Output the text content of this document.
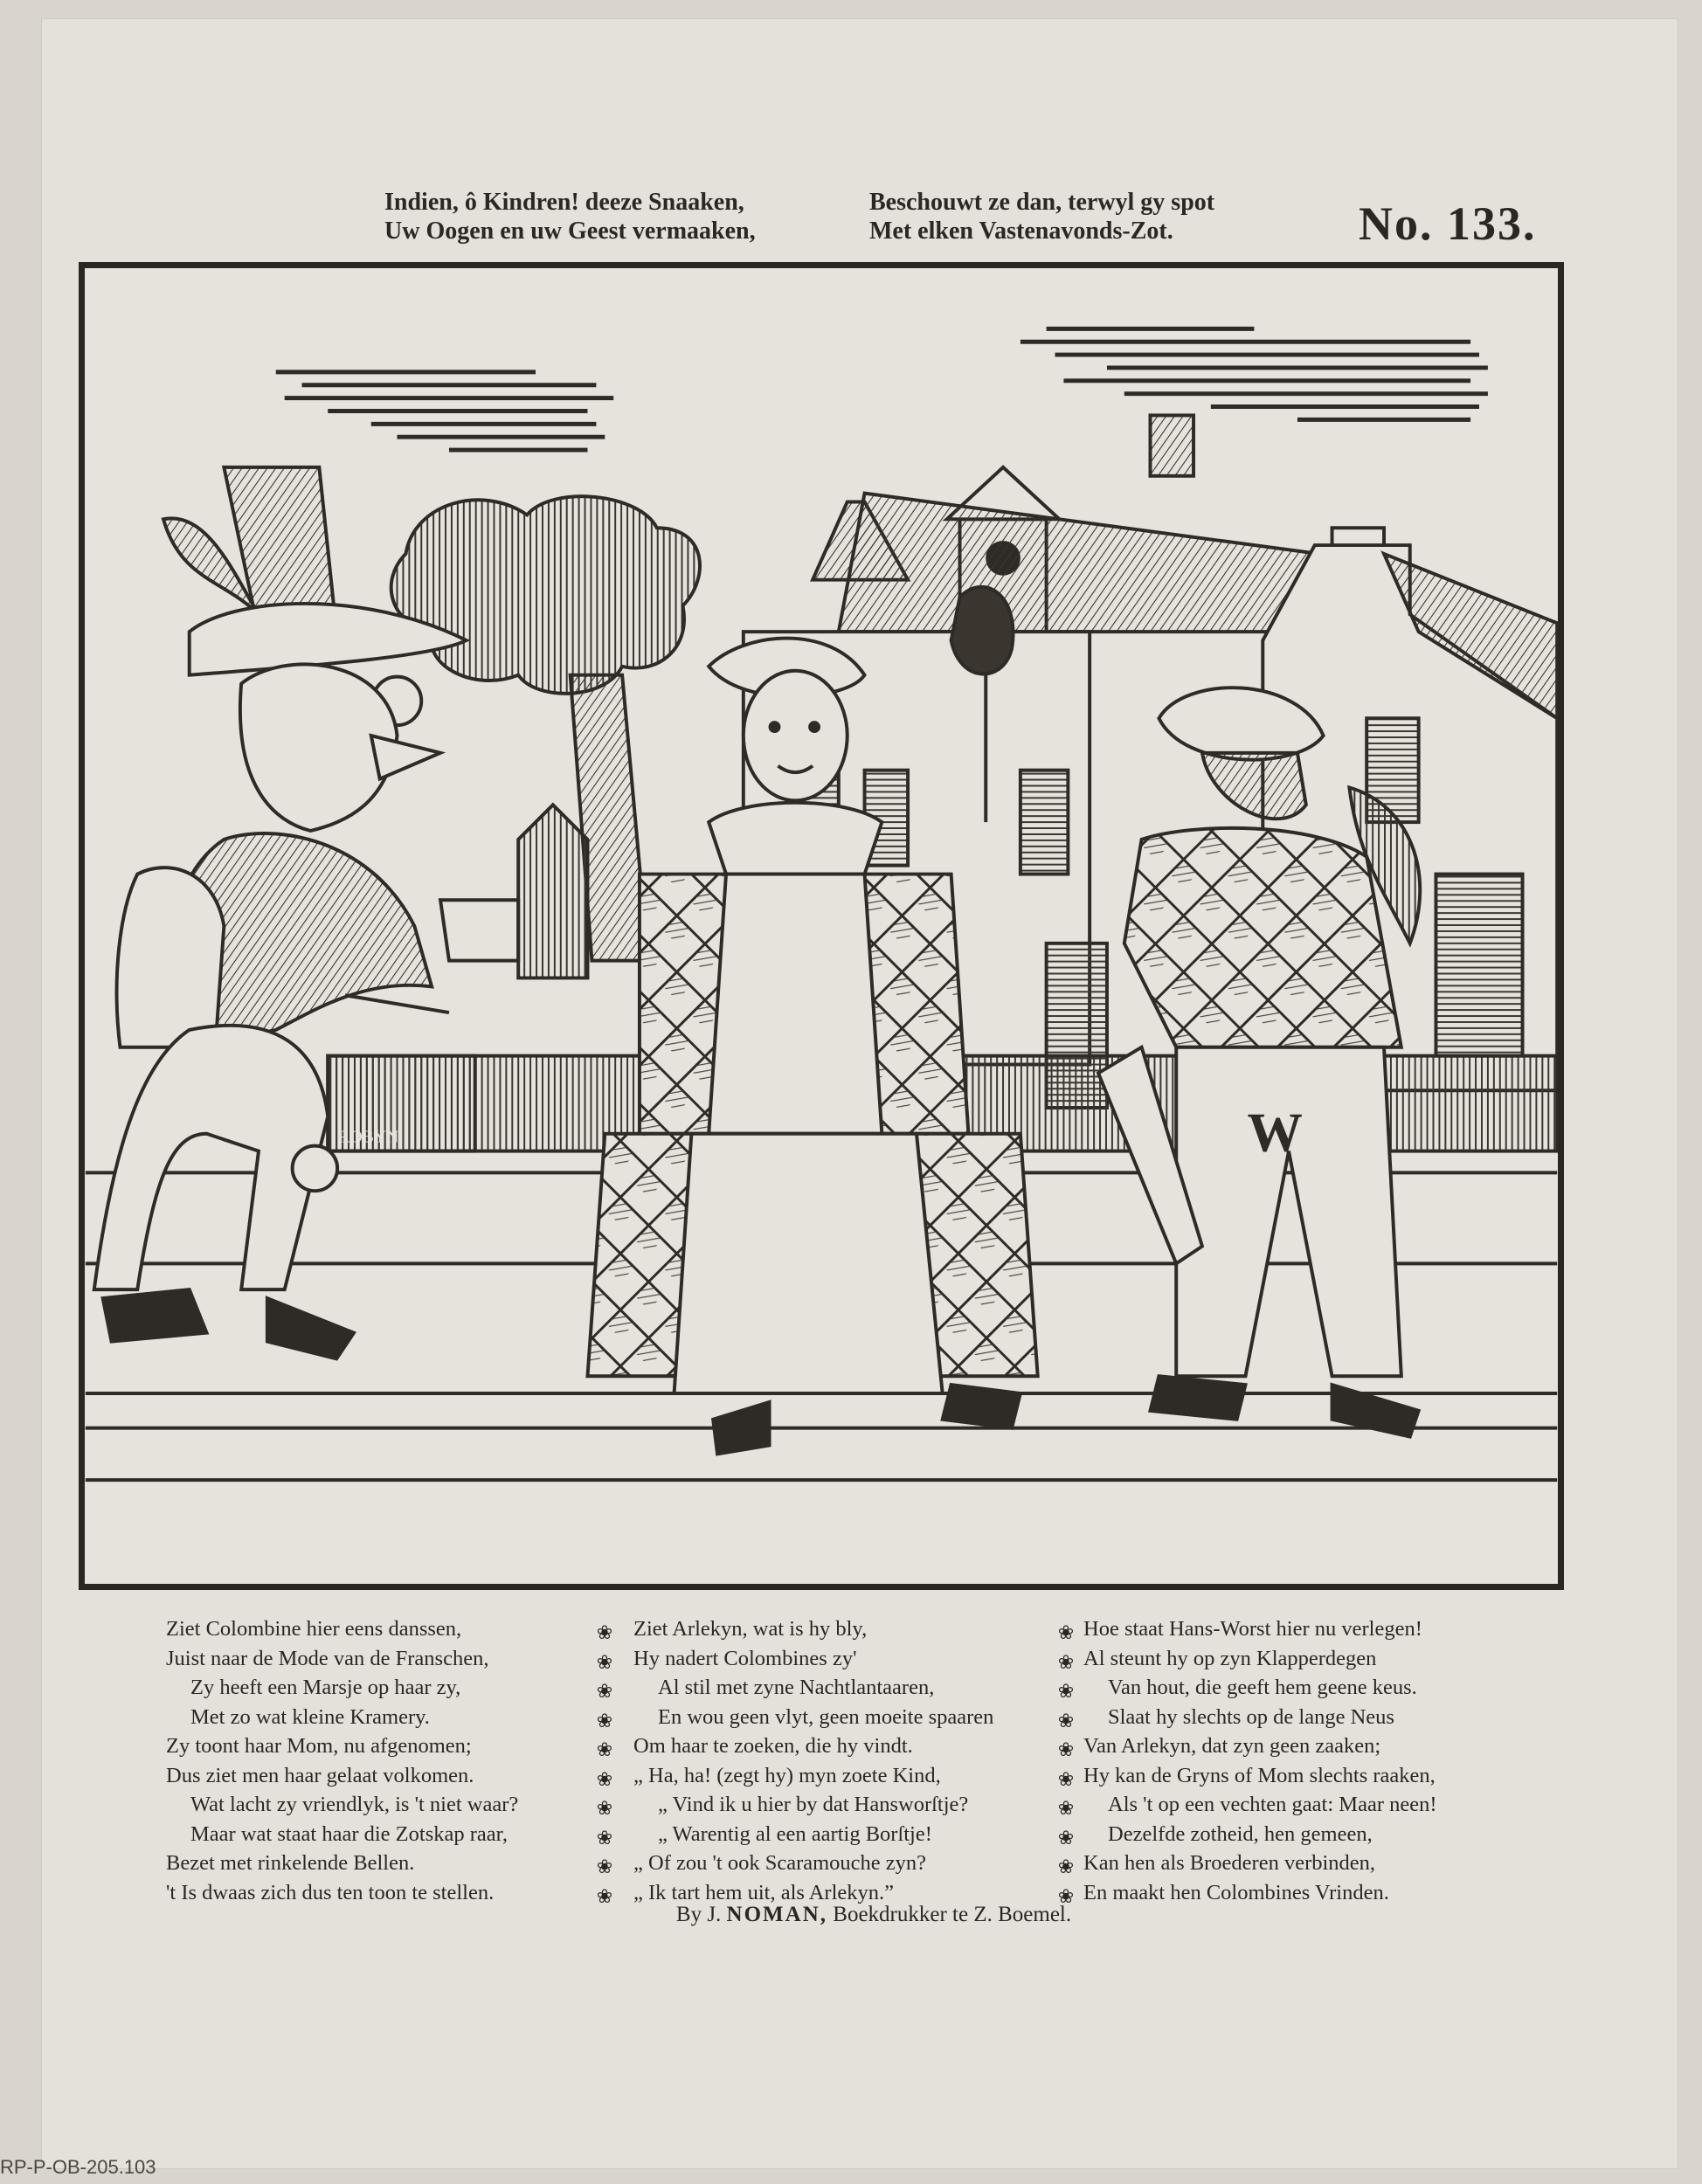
Indien, ô Kindren! deeze Snaaken,
Uw Oogen en uw Geest vermaaken,
Beschouwt ze dan, terwyl gy spot
Met elken Vastenavonds-Zot.	No. 133.
ROBYN	W
❀
❀
❀
❀
❀
❀
❀
❀
❀
❀
❀
❀
❀
❀
❀
❀
❀
❀
❀
❀
Ziet Colombine hier eens danssen,
Juist naar de Mode van de Franschen,
Zy heeft een Marsje op haar zy,
Met zo wat kleine Kramery.
Zy toont haar Mom, nu afgenomen;
Dus ziet men haar gelaat volkomen.
Wat lacht zy vriendlyk, is 't niet waar?
Maar wat staat haar die Zotskap raar,
Bezet met rinkelende Bellen.
't Is dwaas zich dus ten toon te stellen.
Ziet Arlekyn, wat is hy bly,
Hy nadert Colombines zy'
Al stil met zyne Nachtlantaaren,
En wou geen vlyt, geen moeite spaaren
Om haar te zoeken, die hy vindt.
„ Ha, ha! (zegt hy) myn zoete Kind,
„ Vind ik u hier by dat Hansworſtje?
„ Warentig al een aartig Borſtje!
„ Of zou 't ook Scaramouche zyn?
„ Ik tart hem uit, als Arlekyn.”
Hoe staat Hans-Worst hier nu verlegen!
Al steunt hy op zyn Klapperdegen
Van hout, die geeft hem geene keus.
Slaat hy slechts op de lange Neus
Van Arlekyn, dat zyn geen zaaken;
Hy kan de Gryns of Mom slechts raaken,
Als 't op een vechten gaat: Maar neen!
Dezelfde zotheid, hen gemeen,
Kan hen als Broederen verbinden,
En maakt hen Colombines Vrinden.
By J. NOMAN, Boekdrukker te Z. Boemel.
RP-P-OB-205.103
